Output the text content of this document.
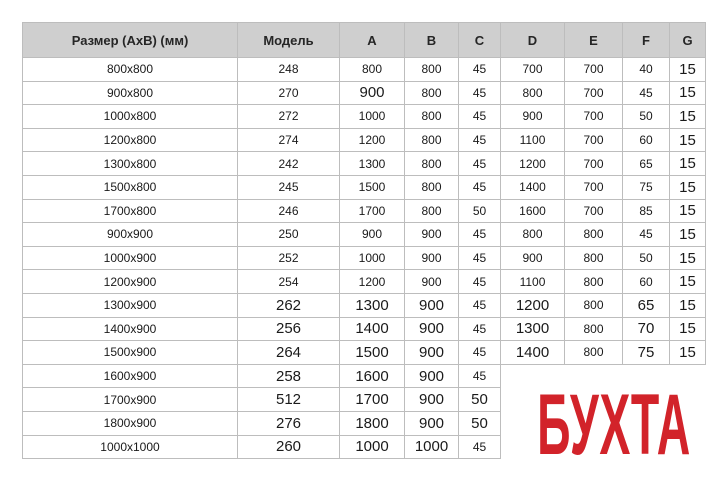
Размер (AxB) (мм)	Модель	A	B	C	D	E	F	G
800x800	248	800	800	45	700	700	40	15
900x800	270	900	800	45	800	700	45	15
1000x800	272	1000	800	45	900	700	50	15
1200x800	274	1200	800	45	1100	700	60	15
1300x800	242	1300	800	45	1200	700	65	15
1500x800	245	1500	800	45	1400	700	75	15
1700x800	246	1700	800	50	1600	700	85	15
900x900	250	900	900	45	800	800	45	15
1000x900	252	1000	900	45	900	800	50	15
1200x900	254	1200	900	45	1100	800	60	15
1300x900	262	1300	900	45	1200	800	65	15
1400x900	256	1400	900	45	1300	800	70	15
1500x900	264	1500	900	45	1400	800	75	15
1600x900	258	1600	900	45				
1700x900	512	1700	900	50				
1800x900	276	1800	900	50				
1000x1000	260	1000	1000	45				БУХТА
